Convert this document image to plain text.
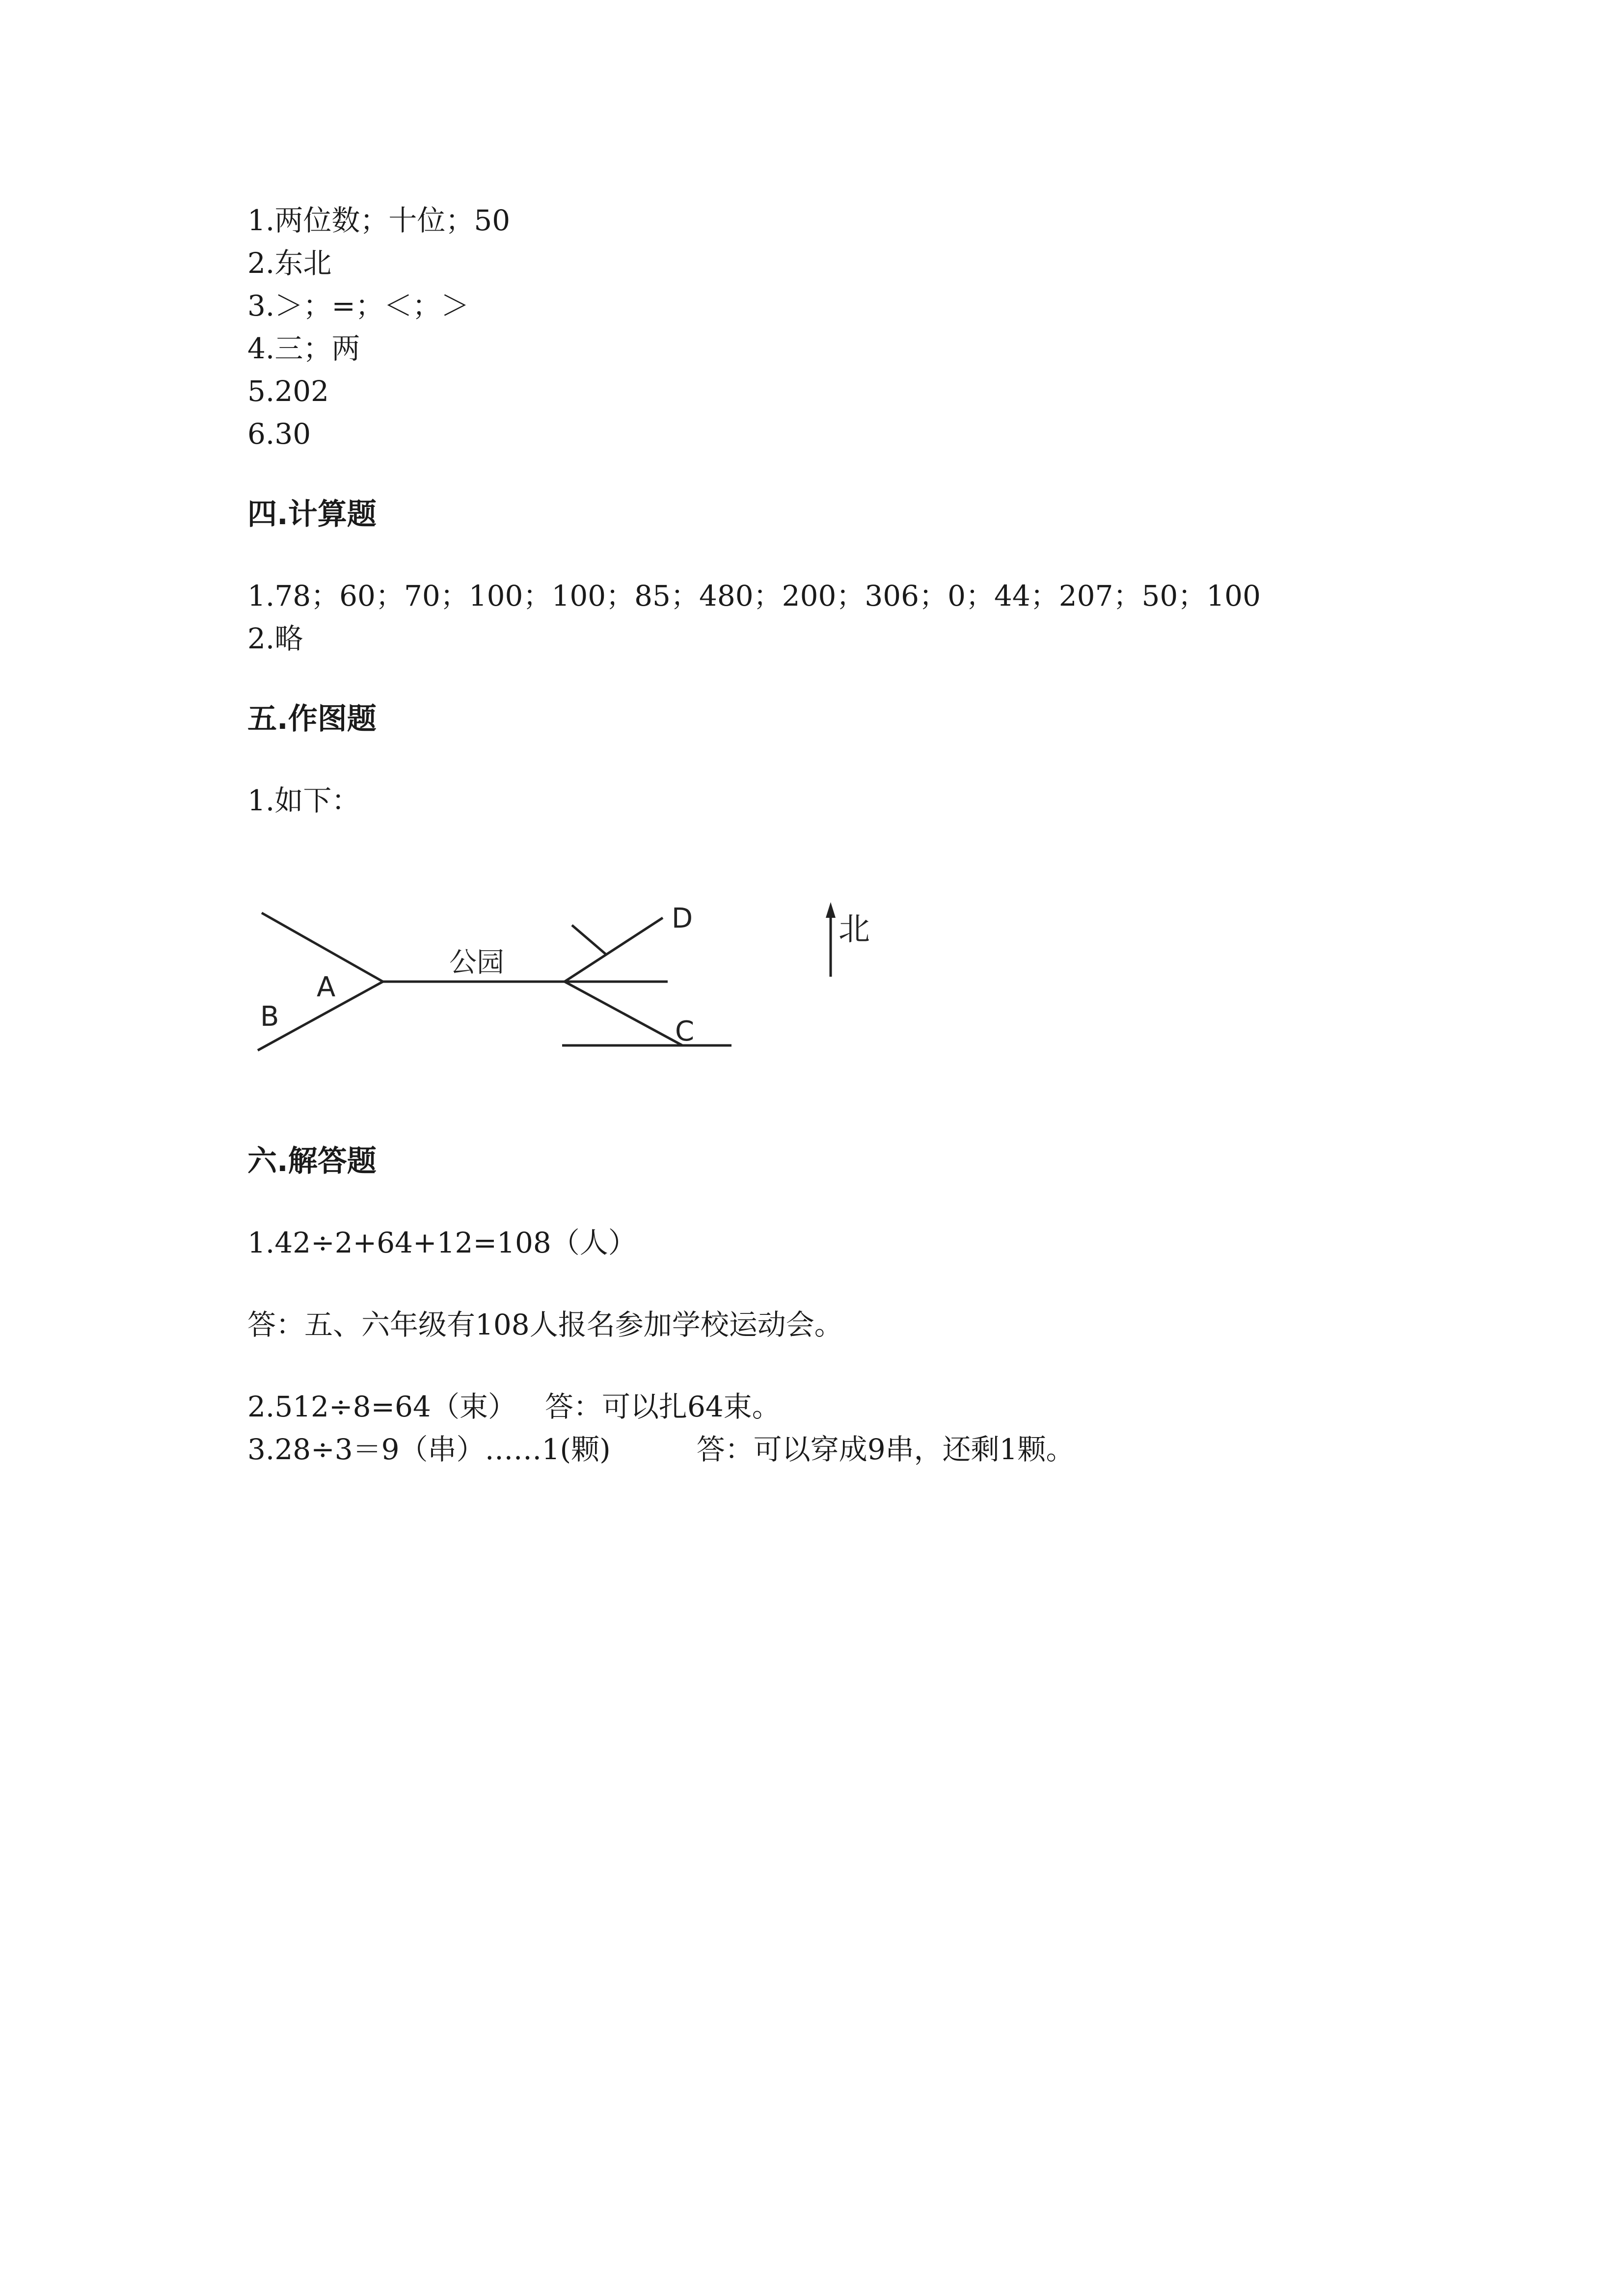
1.两位数；十位；50
2.东北
3.＞；=；＜；＞
4.三；两
5.202
6.30
四.计算题
1.78；60；70；100；100；85；480；200；306；0；44；207；50；100
2.略
五.作图题
1.如下：
公园
A
B	C
D	北
六.解答题
1.42÷2+64+12=108（人）
答：五、六年级有108人报名参加学校运动会。
2.512÷8=64（束） 答：可以扎64束。
3.28÷3＝9（串）……1(颗)	答：可以穿成9串，还剩1颗。
